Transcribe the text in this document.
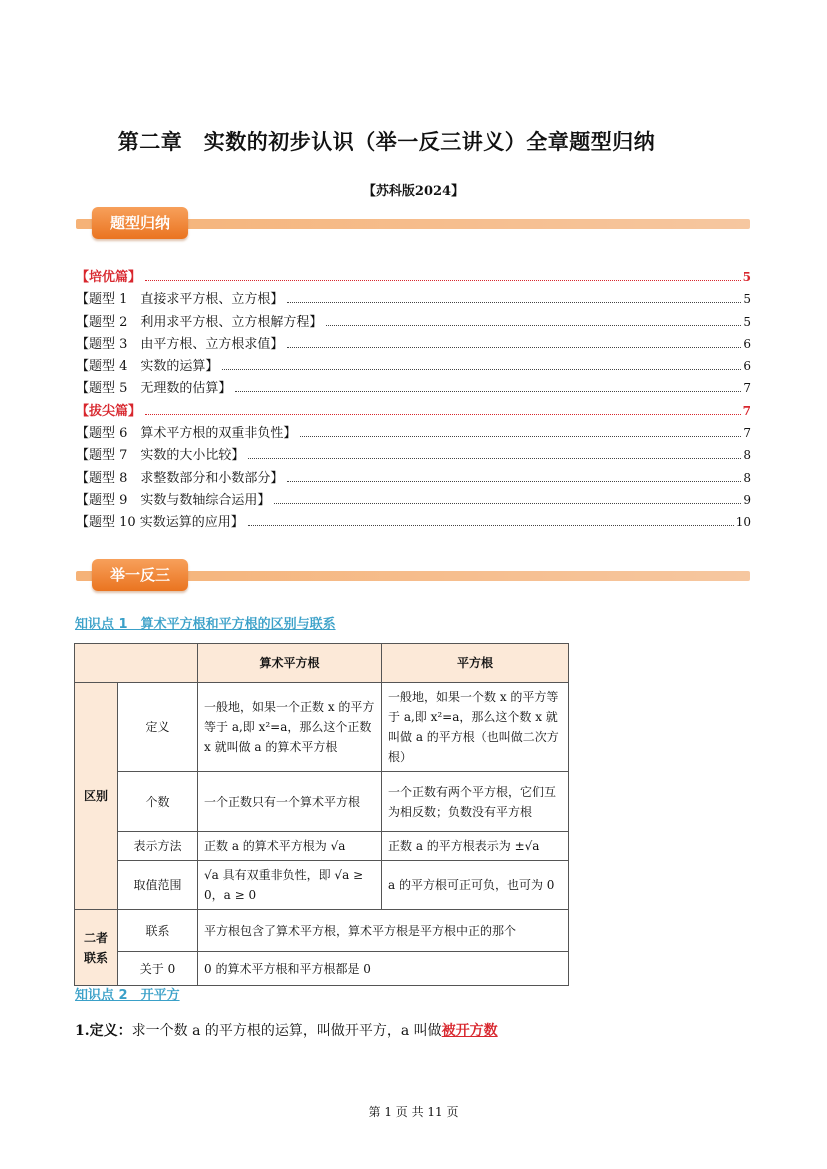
第二章　实数的初步认识（举一反三讲义）全章题型归纳
【苏科版2024】
题型归纳
【培优篇】	5
【题型 1　直接求平方根、立方根】	5
【题型 2　利用求平方根、立方根解方程】	5
【题型 3　由平方根、立方根求值】	6
【题型 4　实数的运算】	6
【题型 5　无理数的估算】	7
【拔尖篇】	7
【题型 6　算术平方根的双重非负性】	7
【题型 7　实数的大小比较】	8
【题型 8　求整数部分和小数部分】	8
【题型 9　实数与数轴综合运用】	9
【题型 10 实数运算的应用】	10
举一反三
知识点 1　算术平方根和平方根的区别与联系
		算术平方根	平方根
区别	定义	一般地，如果一个正数 x 的平方等于 a,即 x²=a，那么这个正数 x 就叫做 a 的算术平方根	一般地，如果一个数 x 的平方等于 a,即 x²=a，那么这个数 x 就叫做 a 的平方根（也叫做二次方根）
	个数	一个正数只有一个算术平方根	一个正数有两个平方根，它们互为相反数；负数没有平方根
	表示方法	正数 a 的算术平方根为 √a	正数 a 的平方根表示为 ±√a
	取值范围	√a 具有双重非负性，即 √a ≥ 0，a ≥ 0	a 的平方根可正可负，也可为 0
二者联系	联系	平方根包含了算术平方根，算术平方根是平方根中正的那个	
	关于 0	0 的算术平方根和平方根都是 0	
知识点 2　开平方
1.定义：求一个数 a 的平方根的运算，叫做开平方，a 叫做被开方数
第 1 页 共 11 页
